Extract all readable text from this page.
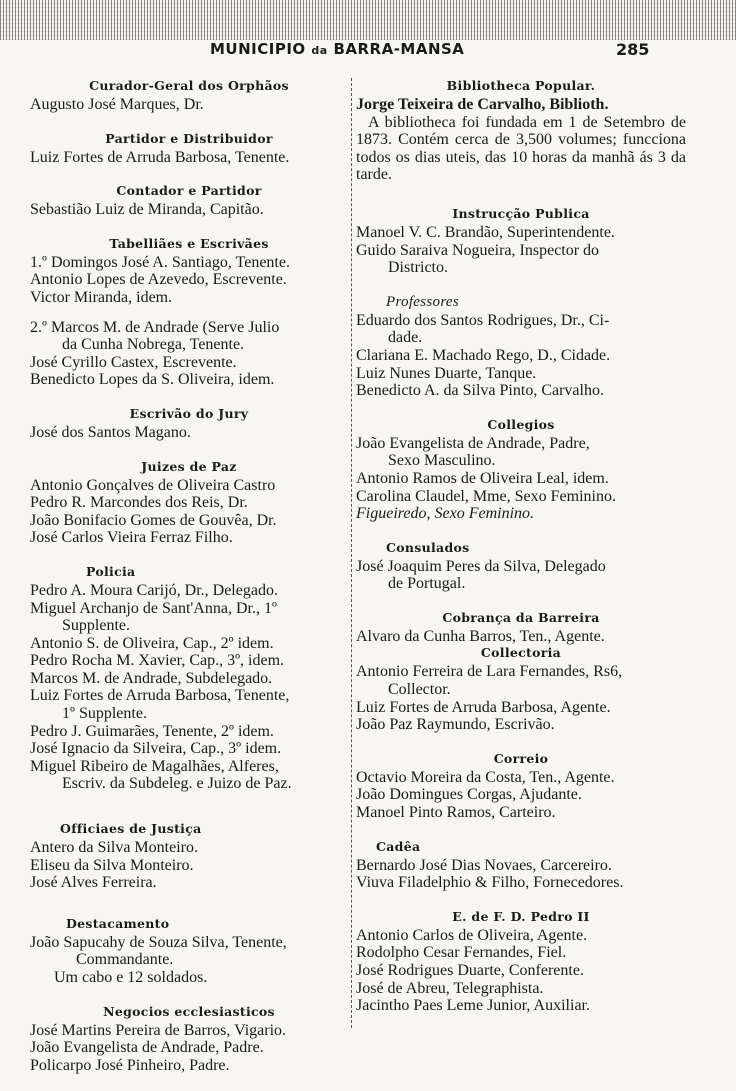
MUNICIPIO da BARRA-MANSA	285
Curador-Geral dos Orphãos
Augusto José Marques, Dr.
Partidor e Distribuidor
Luiz Fortes de Arruda Barbosa, Tenente.
Contador e Partidor
Sebastião Luiz de Miranda, Capitão.
Tabelliães e Escrivães
1.º Domingos José A. Santiago, Tenente.
Antonio Lopes de Azevedo, Escrevente.
Victor Miranda, idem.
2.º Marcos M. de Andrade (Serve Julio
da Cunha Nobrega, Tenente.
José Cyrillo Castex, Escrevente.
Benedicto Lopes da S. Oliveira, idem.
Escrivão do Jury
José dos Santos Magano.
Juizes de Paz
Antonio Gonçalves de Oliveira Castro
Pedro R. Marcondes dos Reis, Dr.
João Bonifacio Gomes de Gouvêa, Dr.
José Carlos Vieira Ferraz Filho.
Policia
Pedro A. Moura Carijó, Dr., Delegado.
Miguel Archanjo de Sant'Anna, Dr., 1º
Supplente.
Antonio S. de Oliveira, Cap., 2º idem.
Pedro Rocha M. Xavier, Cap., 3º, idem.
Marcos M. de Andrade, Subdelegado.
Luiz Fortes de Arruda Barbosa, Tenente,
1º Supplente.
Pedro J. Guimarães, Tenente, 2º idem.
José Ignacio da Silveira, Cap., 3º idem.
Miguel Ribeiro de Magalhães, Alferes,
Escriv. da Subdeleg. e Juizo de Paz.
Officiaes de Justiça
Antero da Silva Monteiro.
Eliseu da Silva Monteiro.
José Alves Ferreira.
Destacamento
João Sapucahy de Souza Silva, Tenente,
Commandante.
Um cabo e 12 soldados.
Negocios ecclesiasticos
José Martins Pereira de Barros, Vigario.
João Evangelista de Andrade, Padre.
Policarpo José Pinheiro, Padre.
Bibliotheca Popular.
Jorge Teixeira de Carvalho, Biblioth.
A bibliotheca foi fundada em 1 de Setembro de 1873. Contém cerca de 3,500 volumes; funcciona todos os dias uteis, das 10 horas da manhã ás 3 da tarde.
Instrucção Publica
Manoel V. C. Brandão, Superintendente.
Guido Saraiva Nogueira, Inspector do
Districto.
Professores
Eduardo dos Santos Rodrigues, Dr., Ci-
dade.
Clariana E. Machado Rego, D., Cidade.
Luiz Nunes Duarte, Tanque.
Benedicto A. da Silva Pinto, Carvalho.
Collegios
João Evangelista de Andrade, Padre,
Sexo Masculino.
Antonio Ramos de Oliveira Leal, idem.
Carolina Claudel, Mme, Sexo Feminino.
Figueiredo, Sexo Feminino.
Consulados
José Joaquim Peres da Silva, Delegado
de Portugal.
Cobrança da Barreira
Alvaro da Cunha Barros, Ten., Agente.
Collectoria
Antonio Ferreira de Lara Fernandes, Rs6,
Collector.
Luiz Fortes de Arruda Barbosa, Agente.
João Paz Raymundo, Escrivão.
Correio
Octavio Moreira da Costa, Ten., Agente.
João Domingues Corgas, Ajudante.
Manoel Pinto Ramos, Carteiro.
Cadêa
Bernardo José Dias Novaes, Carcereiro.
Viuva Filadelphio & Filho, Fornecedores.
E. de F. D. Pedro II
Antonio Carlos de Oliveira, Agente.
Rodolpho Cesar Fernandes, Fiel.
José Rodrigues Duarte, Conferente.
José de Abreu, Telegraphista.
Jacintho Paes Leme Junior, Auxiliar.
